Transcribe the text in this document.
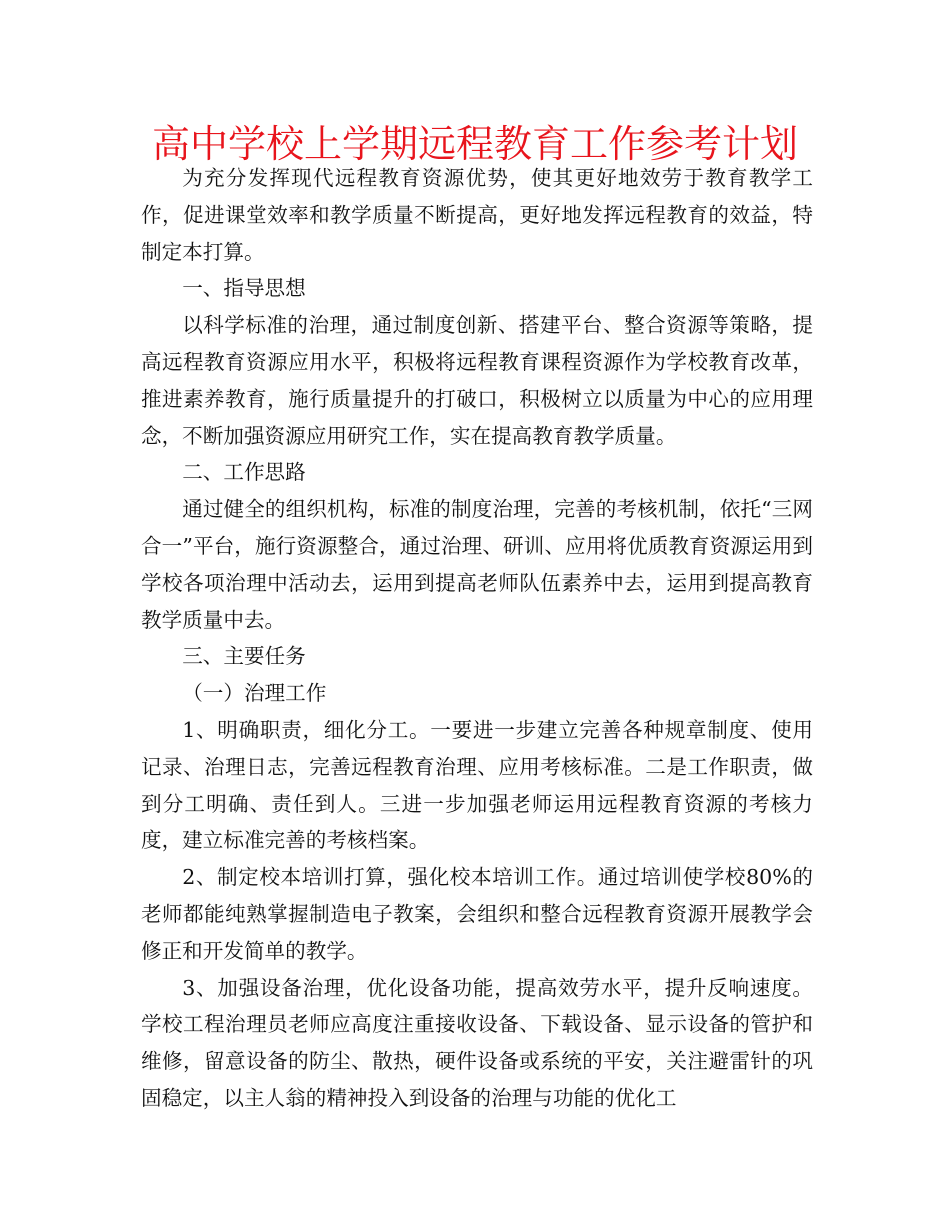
高中学校上学期远程教育工作参考计划

为充分发挥现代远程教育资源优势，使其更好地效劳于教育教学工作，促进课堂效率和教学质量不断提高，更好地发挥远程教育的效益，特制定本打算。

一、指导思想

以科学标准的治理，通过制度创新、搭建平台、整合资源等策略，提高远程教育资源应用水平，积极将远程教育课程资源作为学校教育改革，推进素养教育，施行质量提升的打破口，积极树立以质量为中心的应用理念，不断加强资源应用研究工作，实在提高教育教学质量。

二、工作思路

通过健全的组织机构，标准的制度治理，完善的考核机制，依托“三网合一”平台，施行资源整合，通过治理、研训、应用将优质教育资源运用到学校各项治理中活动去，运用到提高老师队伍素养中去，运用到提高教育教学质量中去。

三、主要任务

（一）治理工作

1、明确职责，细化分工。一要进一步建立完善各种规章制度、使用记录、治理日志，完善远程教育治理、应用考核标准。二是工作职责，做到分工明确、责任到人。三进一步加强老师运用远程教育资源的考核力度，建立标准完善的考核档案。

2、制定校本培训打算，强化校本培训工作。通过培训使学校80%的老师都能纯熟掌握制造电子教案，会组织和整合远程教育资源开展教学会修正和开发简单的教学。

3、加强设备治理，优化设备功能，提高效劳水平，提升反响速度。学校工程治理员老师应高度注重接收设备、下载设备、显示设备的管护和维修，留意设备的防尘、散热，硬件设备或系统的平安，关注避雷针的巩固稳定，以主人翁的精神投入到设备的治理与功能的优化工
